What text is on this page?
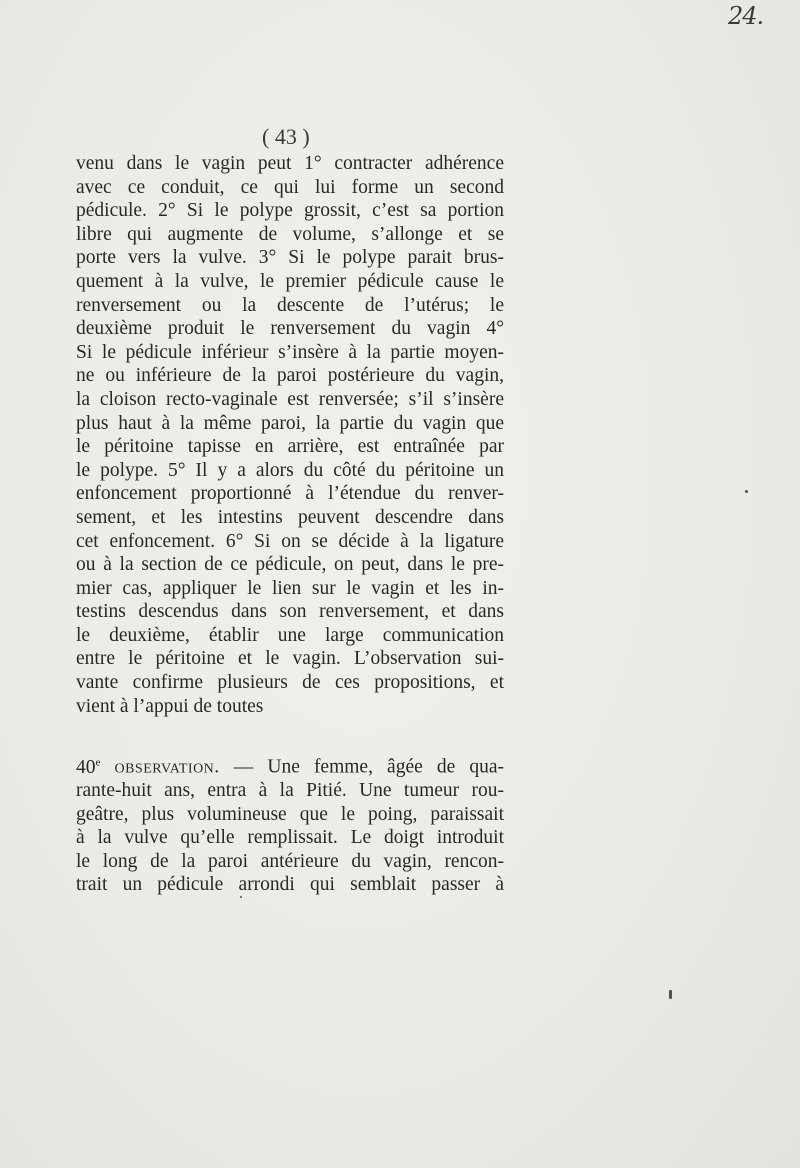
24.
( 43 )
venu dans le vagin peut 1° contracter adhérence
avec ce conduit, ce qui lui forme un second
pédicule. 2° Si le polype grossit, c’est sa portion
libre qui augmente de volume, s’allonge et se
porte vers la vulve. 3° Si le polype parait brus-
quement à la vulve, le premier pédicule cause le
renversement ou la descente de l’utérus; le
deuxième produit le renversement du vagin 4°
Si le pédicule inférieur s’insère à la partie moyen-
ne ou inférieure de la paroi postérieure du vagin,
la cloison recto-vaginale est renversée; s’il s’insère
plus haut à la même paroi, la partie du vagin que
le péritoine tapisse en arrière, est entraînée par
le polype. 5° Il y a alors du côté du péritoine un
enfoncement proportionné à l’étendue du renver-
sement, et les intestins peuvent descendre dans
cet enfoncement. 6° Si on se décide à la ligature
ou à la section de ce pédicule, on peut, dans le pre-
mier cas, appliquer le lien sur le vagin et les in-
testins descendus dans son renversement, et dans
le deuxième, établir une large communication
entre le péritoine et le vagin. L’observation sui-
vante confirme plusieurs de ces propositions, et
vient à l’appui de toutes
40e observation. — Une femme, âgée de qua-
rante-huit ans, entra à la Pitié. Une tumeur rou-
geâtre, plus volumineuse que le poing, paraissait
à la vulve qu’elle remplissait. Le doigt introduit
le long de la paroi antérieure du vagin, rencon-
trait un pédicule arrondi qui semblait passer à
